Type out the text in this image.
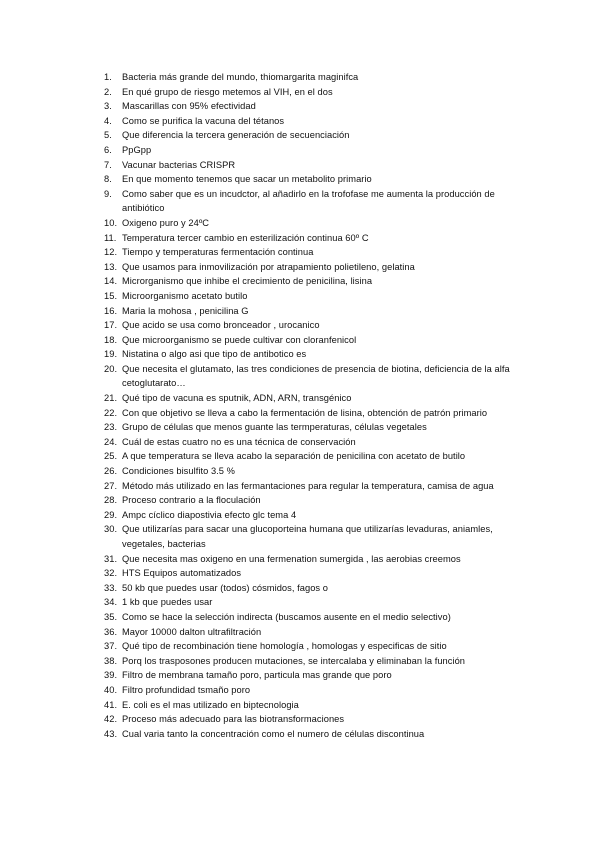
1.	Bacteria más grande del mundo, thiomargarita maginifca
2.	En qué grupo de riesgo metemos al VIH, en el dos
3.	Mascarillas con 95% efectividad
4.	Como se purifica la vacuna del tétanos
5.	Que diferencia la tercera generación de secuenciación
6.	PpGpp
7.	Vacunar bacterias CRISPR
8.	En que momento tenemos que sacar un metabolito primario
9.	Como saber que es un incudctor, al añadirlo en la trofofase me aumenta la producción de antibiótico
10. Oxigeno puro y 24ºC
11. Temperatura tercer cambio en esterilización continua 60º C
12. Tiempo y temperaturas fermentación continua
13. Que usamos para inmovilización por atrapamiento polietileno, gelatina
14. Microrganismo que inhibe el crecimiento de penicilina, lisina
15. Microorganismo acetato butilo
16. Maria la mohosa , penicilina G
17. Que acido se usa como bronceador , urocanico
18. Que microorganismo se puede cultivar con cloranfenicol
19. Nistatina o algo asi que tipo de antibotico es
20. Que necesita el glutamato, las tres condiciones de presencia de biotina, deficiencia de la alfa cetoglutarato…
21. Qué tipo de vacuna es sputnik, ADN, ARN, transgénico
22. Con que objetivo se lleva a cabo la fermentación de lisina, obtención de patrón primario
23. Grupo de células que menos guante las termperaturas, células vegetales
24. Cuál de estas cuatro no es una técnica de conservación
25. A que temperatura se lleva acabo la separación de penicilina con acetato de butilo
26. Condiciones bisulfito 3.5 %
27. Método más utilizado en las fermantaciones para regular la temperatura, camisa de agua
28. Proceso contrario a la floculación
29. Ampc cíclico diapostivia efecto glc tema 4
30. Que utilizarías para sacar una glucoporteina humana que utilizarías levaduras, aniamles, vegetales, bacterias
31. Que necesita mas oxigeno en una fermenation sumergida , las aerobias creemos
32. HTS Equipos automatizados
33. 50 kb que puedes usar (todos) cósmidos, fagos o
34. 1 kb que puedes usar
35. Como se hace la selección indirecta (buscamos ausente en el medio selectivo)
36. Mayor 10000 dalton ultrafiltración
37. Qué tipo de recombinación tiene homología , homologas y especificas de sitio
38. Porq los trasposones producen mutaciones, se intercalaba y eliminaban la función
39. Filtro de membrana tamaño poro, particula mas grande que poro
40. Filtro profundidad tsmaño poro
41. E. coli es el mas utilizado en biptecnologia
42. Proceso más adecuado para las biotransformaciones
43. Cual varia tanto la concentración como el numero de células discontinua
